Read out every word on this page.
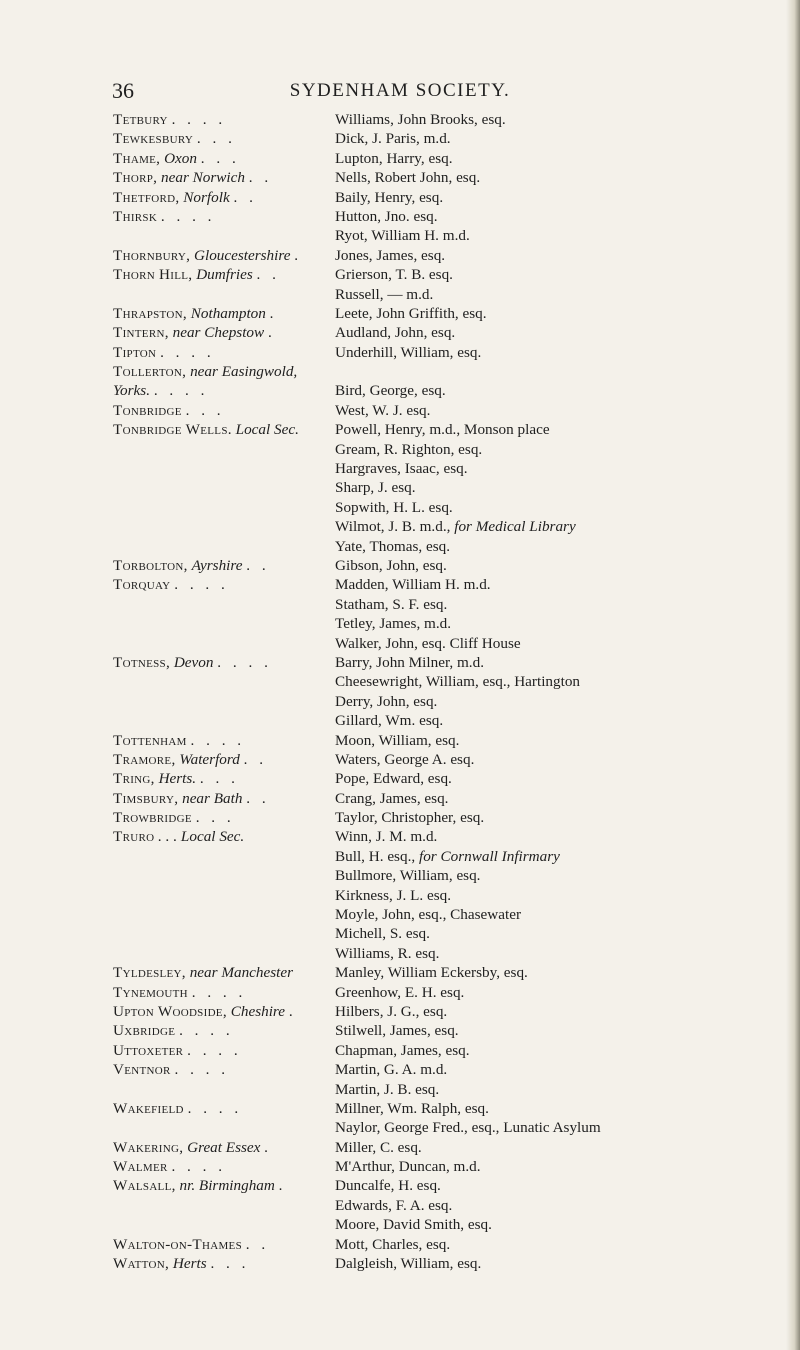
36	SYDENHAM SOCIETY.
Tetbury . . . .	Williams, John Brooks, esq.
Tewkesbury . . .	Dick, J. Paris, m.d.
Thame, Oxon . . .	Lupton, Harry, esq.
Thorp, near Norwich . .	Nells, Robert John, esq.
Thetford, Norfolk . .	Baily, Henry, esq.
Thirsk . . . .	Hutton, Jno. esq.
Ryot, William H. m.d.
Thornbury, Gloucestershire .	Jones, James, esq.
Thorn Hill, Dumfries . .	Grierson, T. B. esq.
Russell, — m.d.
Thrapston, Nothampton .	Leete, John Griffith, esq.
Tintern, near Chepstow .	Audland, John, esq.
Tipton . . . .	Underhill, William, esq.
Tollerton, near Easingwold,
Yorks. . . . .	Bird, George, esq.
Tonbridge . . .	West, W. J. esq.
Tonbridge Wells. Local Sec.	Powell, Henry, m.d., Monson place
Gream, R. Righton, esq.
Hargraves, Isaac, esq.
Sharp, J. esq.
Sopwith, H. L. esq.
Wilmot, J. B. m.d., for Medical Library
Yate, Thomas, esq.
Torbolton, Ayrshire . .	Gibson, John, esq.
Torquay . . . .	Madden, William H. m.d.
Statham, S. F. esq.
Tetley, James, m.d.
Walker, John, esq. Cliff House
Totness, Devon . . . .	Barry, John Milner, m.d.
Cheesewright, William, esq., Hartington
Derry, John, esq.
Gillard, Wm. esq.
Tottenham . . . .	Moon, William, esq.
Tramore, Waterford . .	Waters, George A. esq.
Tring, Herts. . . .	Pope, Edward, esq.
Timsbury, near Bath . .	Crang, James, esq.
Trowbridge . . .	Taylor, Christopher, esq.
Truro . . . Local Sec.	Winn, J. M. m.d.
Bull, H. esq., for Cornwall Infirmary
Bullmore, William, esq.
Kirkness, J. L. esq.
Moyle, John, esq., Chasewater
Michell, S. esq.
Williams, R. esq.
Tyldesley, near Manchester	Manley, William Eckersby, esq.
Tynemouth . . . .	Greenhow, E. H. esq.
Upton Woodside, Cheshire .	Hilbers, J. G., esq.
Uxbridge . . . .	Stilwell, James, esq.
Uttoxeter . . . .	Chapman, James, esq.
Ventnor . . . .	Martin, G. A. m.d.
Martin, J. B. esq.
Wakefield . . . .	Millner, Wm. Ralph, esq.
Naylor, George Fred., esq., Lunatic Asylum
Wakering, Great Essex .	Miller, C. esq.
Walmer . . . .	M'Arthur, Duncan, m.d.
Walsall, nr. Birmingham .	Duncalfe, H. esq.
Edwards, F. A. esq.
Moore, David Smith, esq.
Walton-on-Thames . .	Mott, Charles, esq.
Watton, Herts . . .	Dalgleish, William, esq.
